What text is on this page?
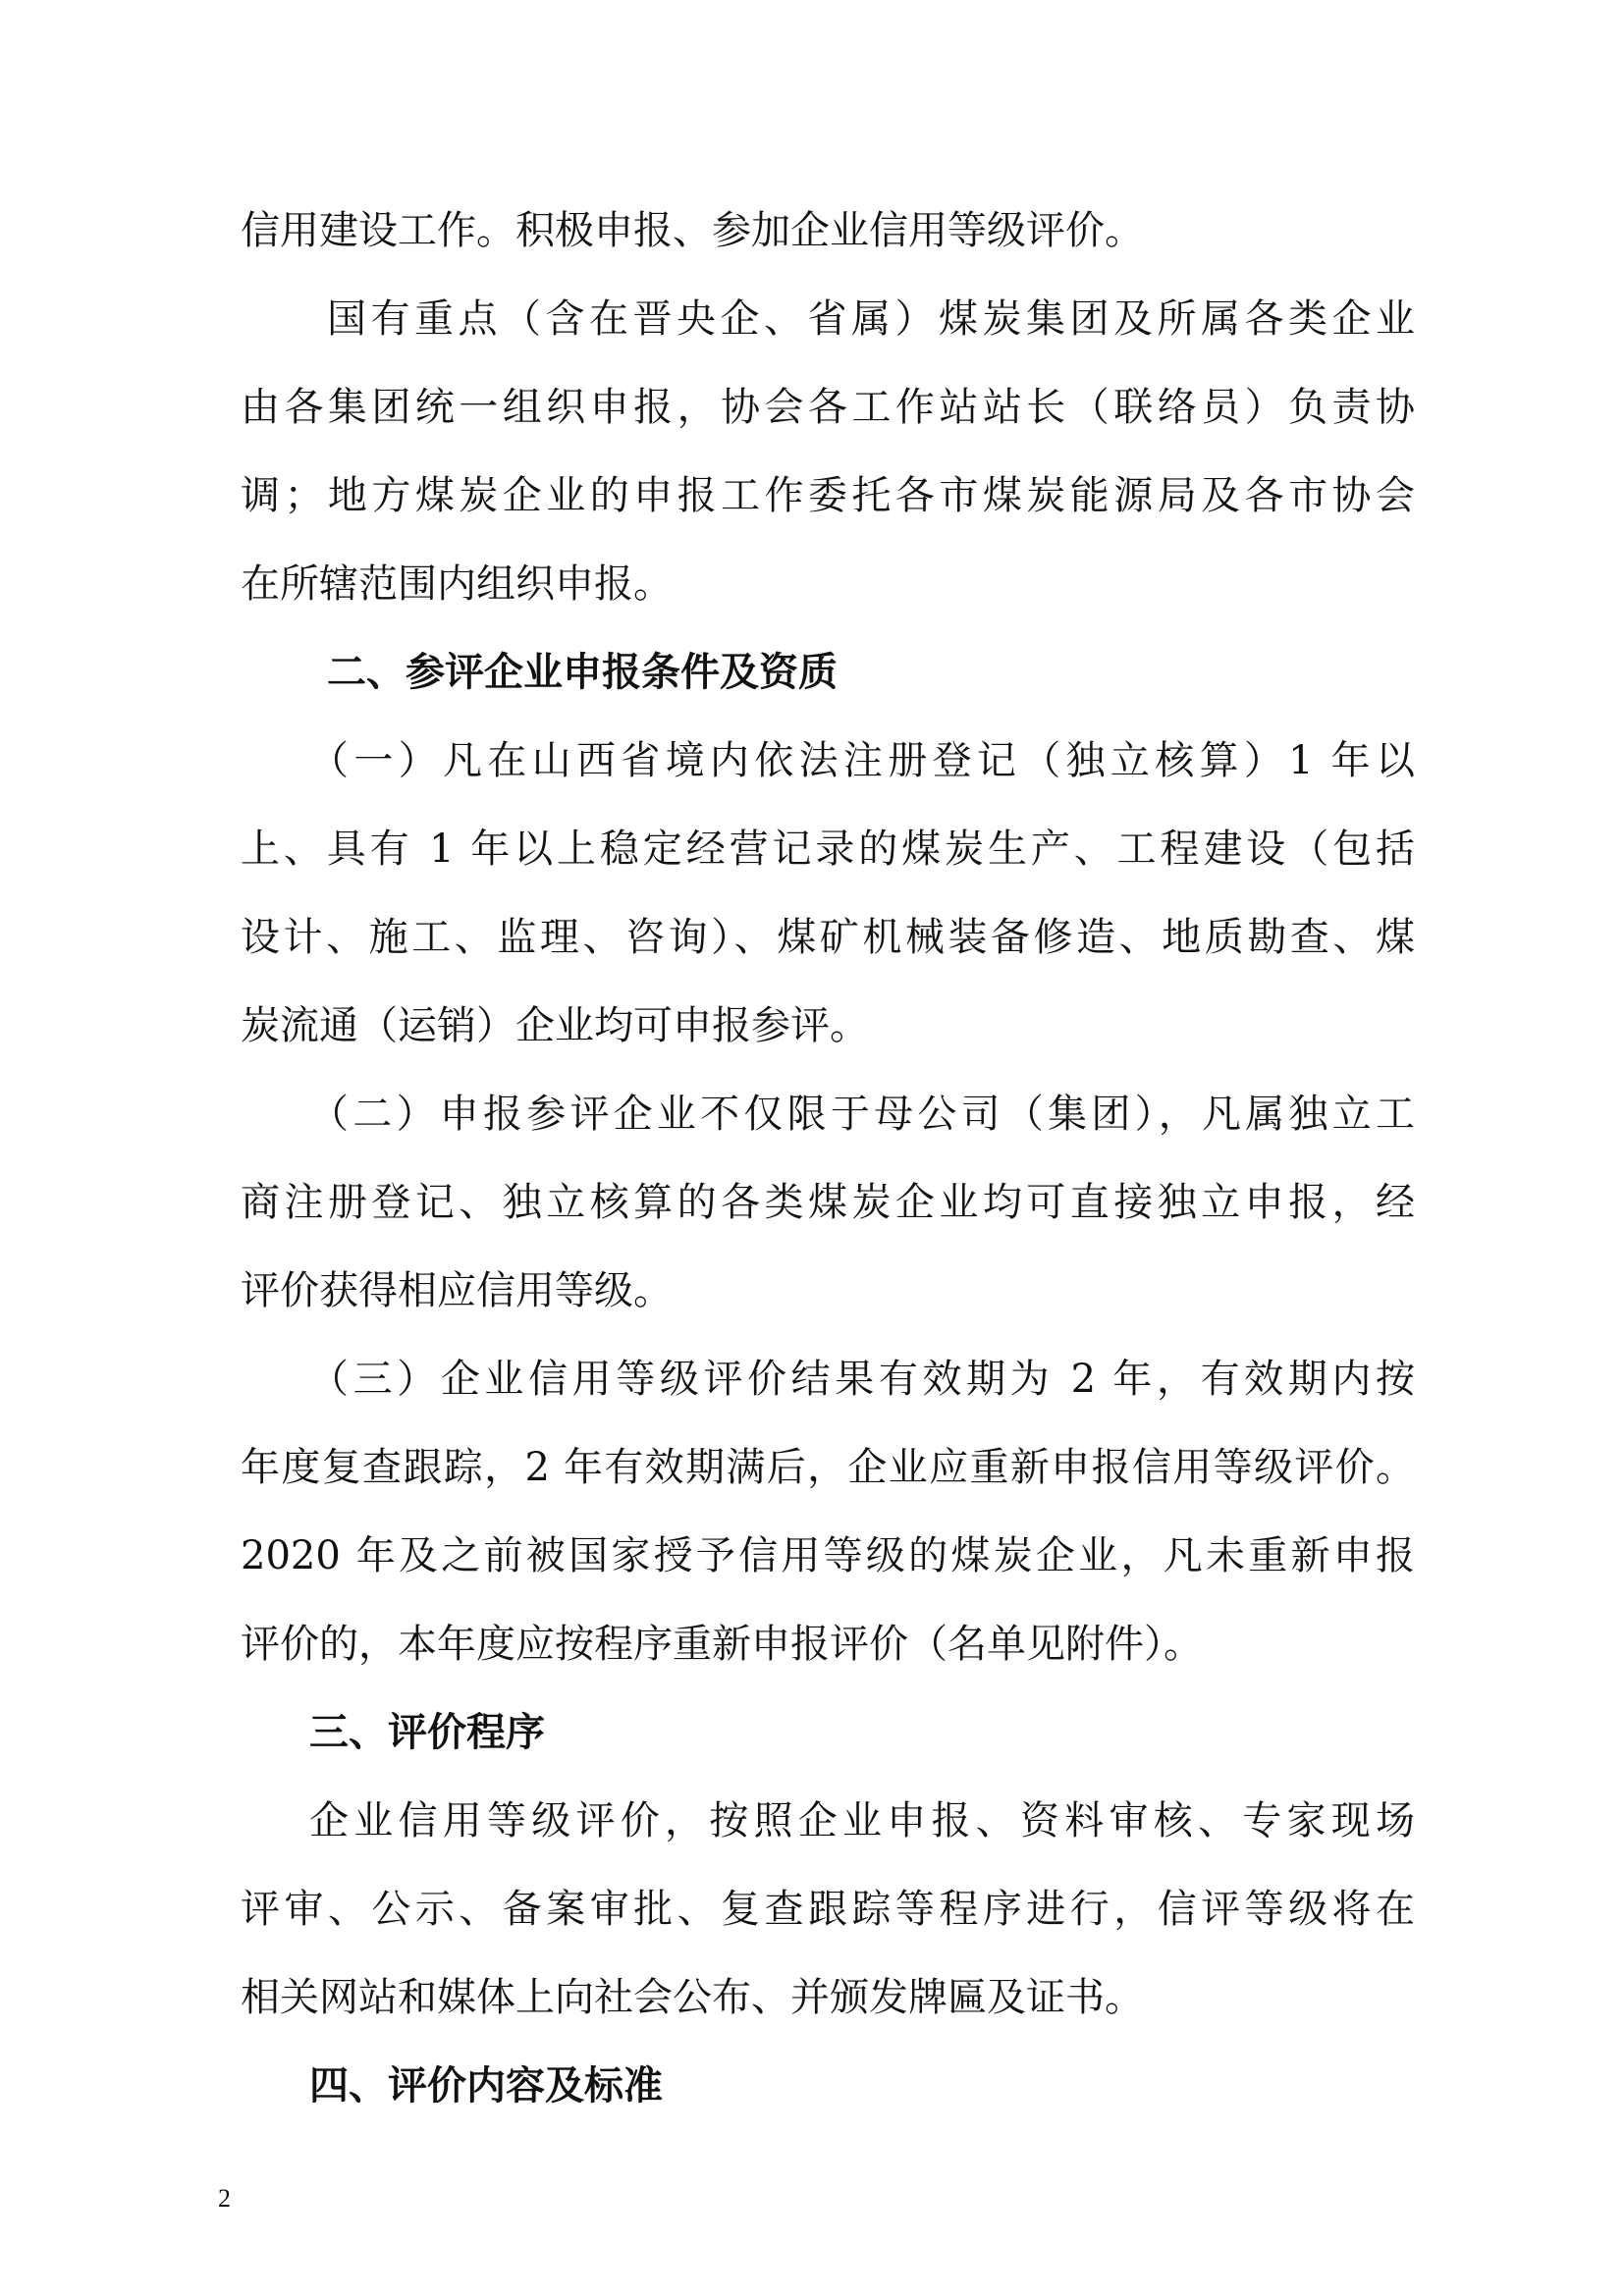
信用建设工作。积极申报、参加企业信用等级评价。
国有重点（含在晋央企、省属）煤炭集团及所属各类企业
由各集团统一组织申报，协会各工作站站长（联络员）负责协
调；地方煤炭企业的申报工作委托各市煤炭能源局及各市协会
在所辖范围内组织申报。
二、参评企业申报条件及资质
（一）凡在山西省境内依法注册登记（独立核算）1 年以
上、具有 1 年以上稳定经营记录的煤炭生产、工程建设（包括
设计、施工、监理、咨询）、煤矿机械装备修造、地质勘查、煤
炭流通（运销）企业均可申报参评。
（二）申报参评企业不仅限于母公司（集团），凡属独立工
商注册登记、独立核算的各类煤炭企业均可直接独立申报，经
评价获得相应信用等级。
（三）企业信用等级评价结果有效期为 2 年，有效期内按
年度复查跟踪，2 年有效期满后，企业应重新申报信用等级评价。
2020 年及之前被国家授予信用等级的煤炭企业，凡未重新申报
评价的，本年度应按程序重新申报评价（名单见附件）。
三、评价程序
企业信用等级评价，按照企业申报、资料审核、专家现场
评审、公示、备案审批、复查跟踪等程序进行，信评等级将在
相关网站和媒体上向社会公布、并颁发牌匾及证书。
四、评价内容及标准
2
